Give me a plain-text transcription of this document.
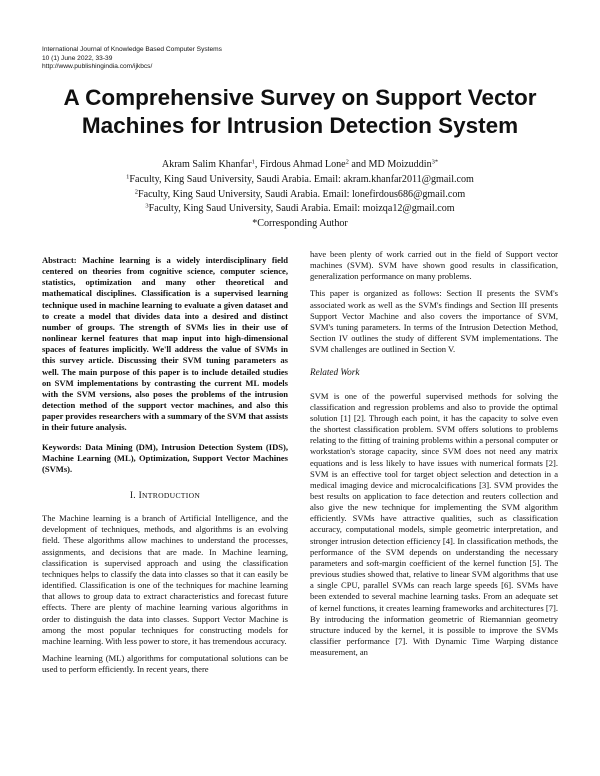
International Journal of Knowledge Based Computer Systems
10 (1) June 2022, 33-39
http://www.publishingindia.com/ijkbcs/
A Comprehensive Survey on Support Vector
Machines for Intrusion Detection System
Akram Salim Khanfar$^1$, Firdous Ahmad Lone$^2$ and MD Moizuddin$^{3*}$
$^1$Faculty, King Saud University, Saudi Arabia. Email: akram.khanfar2011@gmail.com
$^2$Faculty, King Saud University, Saudi Arabia. Email: lonefirdous686@gmail.com
$^3$Faculty, King Saud University, Saudi Arabia. Email: moizqa12@gmail.com
*Corresponding Author

Abstract: Machine learning is a widely interdisciplinary field centered on theories from cognitive science, computer science, statistics, optimization and many other theoretical and mathematical disciplines. Classification is a supervised learning technique used in machine learning to evaluate a given dataset and to create a model that divides data into a desired and distinct number of groups. The strength of SVMs lies in their use of nonlinear kernel features that map input into high-dimensional spaces of features implicitly. We'll address the value of SVMs in this survey article. Discussing their SVM tuning parameters as well. The main purpose of this paper is to include detailed studies on SVM implementations by contrasting the current ML models with the SVM versions, also poses the problems of the intrusion detection method of the support vector machines, and also this paper provides researchers with a summary of the SVM that assists in their future analysis.

Keywords: Data Mining (DM), Intrusion Detection System (IDS), Machine Learning (ML), Optimization, Support Vector Machines (SVMs).

I. INTRODUCTION

The Machine learning is a branch of Artificial Intelligence, and the development of techniques, methods, and algorithms is an evolving field. These algorithms allow machines to understand the processes, assignments, and decisions that are made. In Machine learning, classification is supervised approach and using the classification techniques helps to classify the data into classes so that it can easily be identified. Classification is one of the techniques for machine learning that allows to group data to extract characteristics and forecast future effects. There are plenty of machine learning various algorithms in order to distinguish the data into classes. Support Vector Machine is among the most popular techniques for constructing models for machine learning. With less power to store, it has tremendous accuracy.

Machine learning (ML) algorithms for computational solutions can be used to perform efficiently. In recent years, there

have been plenty of work carried out in the field of Support vector machines (SVM). SVM have shown good results in classification, generalization performance on many problems.

This paper is organized as follows: Section II presents the SVM's associated work as well as the SVM's findings and Section III presents Support Vector Machine and also covers the importance of SVM, SVM's tuning parameters. In terms of the Intrusion Detection Method, Section IV outlines the study of different SVM implementations. The SVM challenges are outlined in Section V.

Related Work

SVM is one of the powerful supervised methods for solving the classification and regression problems and also to provide the optimal solution [1] [2]. Through each point, it has the capacity to solve even the shortest classification problem. SVM offers solutions to problems relating to the fitting of training problems within a personal computer or workstation's storage capacity, since SVM does not need any matrix equations and is less likely to have issues with numerical formats [2]. SVM is an effective tool for target object selection and detection in a medical imaging device and microcalcifications [3]. SVM provides the best results on application to face detection and reuters collection and also give the new technique for implementing the SVM algorithm efficiently. SVMs have attractive qualities, such as classification accuracy, computational models, simple geometric interpretation, and stronger intrusion detection efficiency [4]. In classification methods, the performance of the SVM depends on understanding the necessary parameters and soft-margin coefficient of the kernel function [5]. The previous studies showed that, relative to linear SVM algorithms that use a single CPU, parallel SVMs can reach large speeds [6]. SVMs have been extended to several machine learning tasks. From an adequate set of kernel functions, it creates learning frameworks and architectures [7]. By introducing the information geometric of Riemannian geometry structure induced by the kernel, it is possible to improve the SVMs classifier performance [7]. With Dynamic Time Warping distance measurement, an
